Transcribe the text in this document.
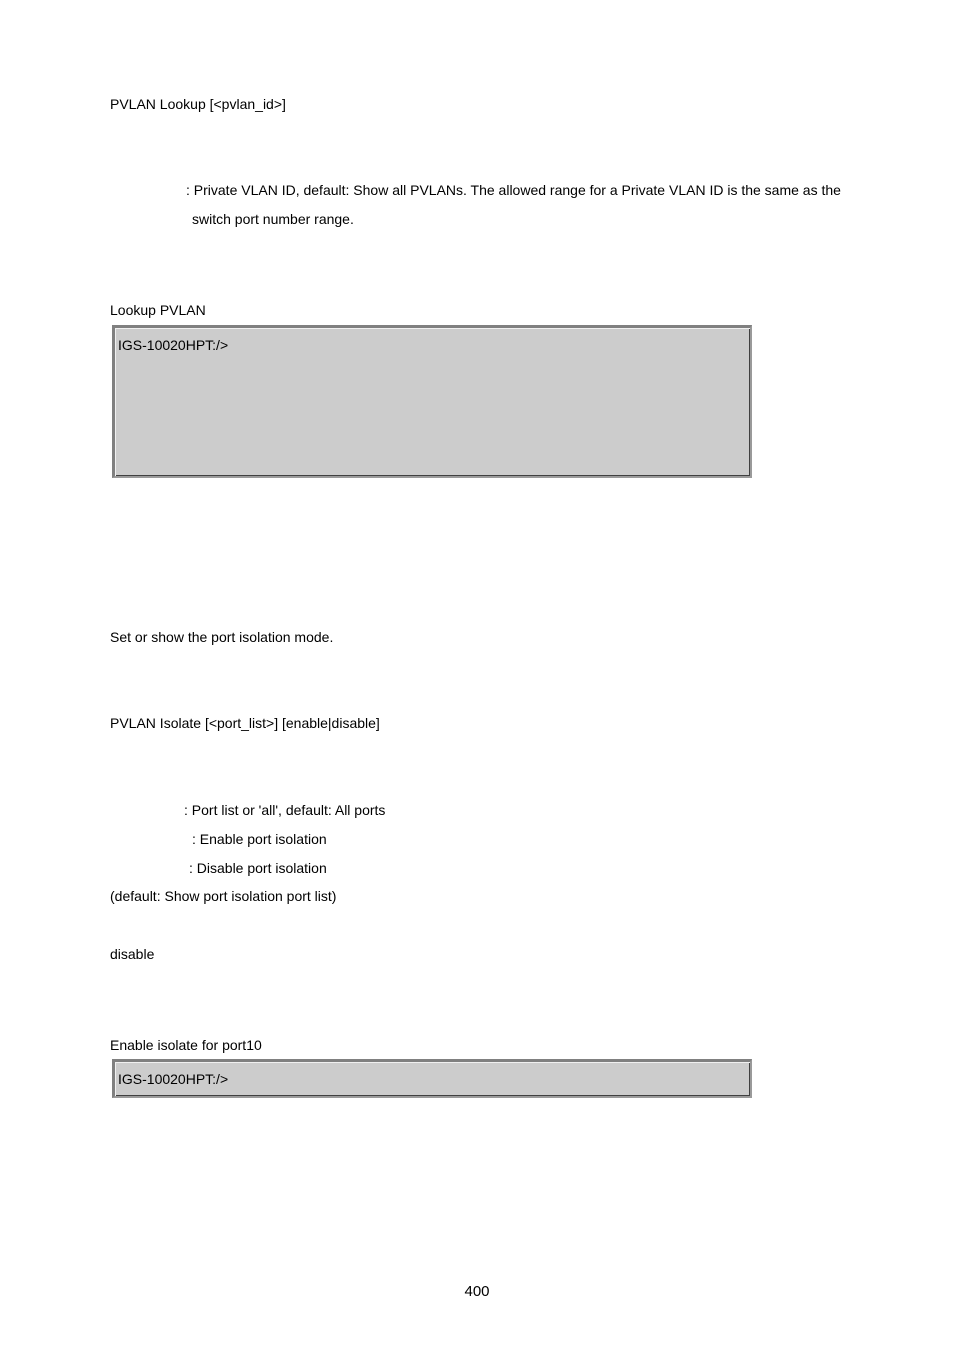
PVLAN Lookup [<pvlan_id>]
: Private VLAN ID, default: Show all PVLANs. The allowed range for a Private VLAN ID is the same as the
switch port number range.
Lookup PVLAN
IGS-10020HPT:/>
Set or show the port isolation mode.
PVLAN Isolate [<port_list>] [enable|disable]
: Port list or 'all', default: All ports
: Enable port isolation
: Disable port isolation
(default: Show port isolation port list)
disable
Enable isolate for port10
IGS-10020HPT:/>
400
